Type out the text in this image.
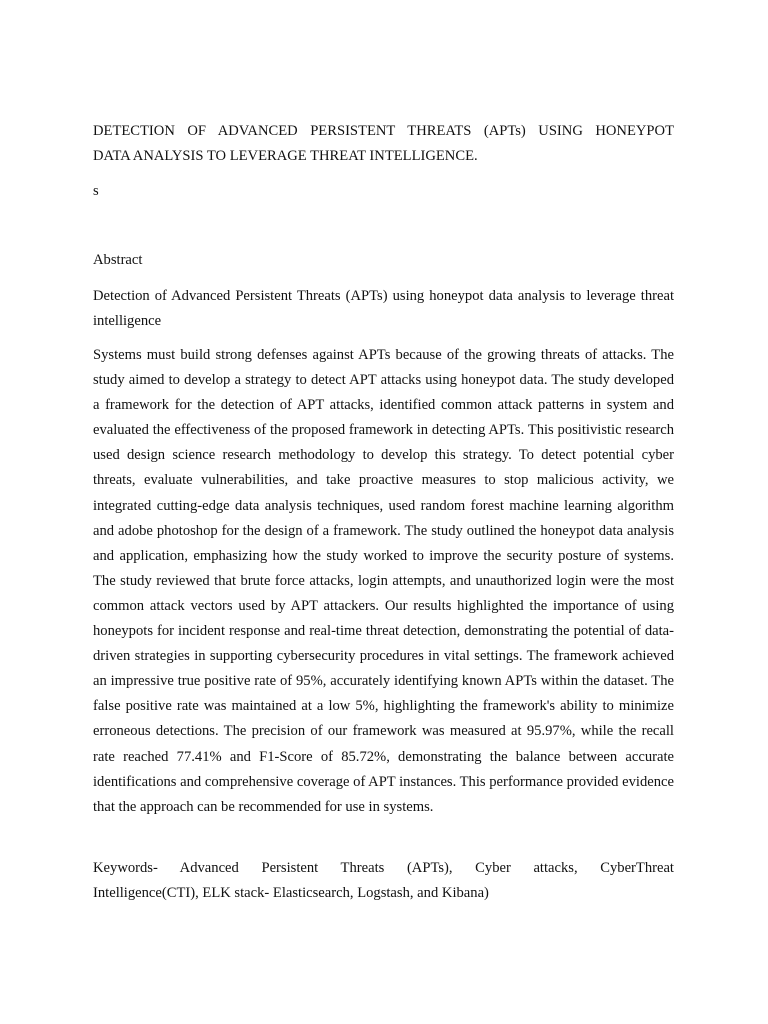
DETECTION OF ADVANCED PERSISTENT THREATS (APTs) USING HONEYPOT
DATA ANALYSIS TO LEVERAGE THREAT INTELLIGENCE.
s
Abstract
Detection of Advanced Persistent Threats (APTs) using honeypot data analysis to leverage threat intelligence
Systems must build strong defenses against APTs because of the growing threats of attacks. The study aimed to develop a strategy to detect APT attacks using honeypot data. The study developed a framework for the detection of APT attacks, identified common attack patterns in system and evaluated the effectiveness of the proposed framework in detecting APTs. This positivistic research used design science research methodology to develop this strategy. To detect potential cyber threats, evaluate vulnerabilities, and take proactive measures to stop malicious activity, we integrated cutting-edge data analysis techniques, used random forest machine learning algorithm and adobe photoshop for the design of a framework. The study outlined the honeypot data analysis and application, emphasizing how the study worked to improve the security posture of systems. The study reviewed that brute force attacks, login attempts, and unauthorized login were the most common attack vectors used by APT attackers. Our results highlighted the importance of using honeypots for incident response and real-time threat detection, demonstrating the potential of data-driven strategies in supporting cybersecurity procedures in vital settings. The framework achieved an impressive true positive rate of 95%, accurately identifying known APTs within the dataset. The false positive rate was maintained at a low 5%, highlighting the framework's ability to minimize erroneous detections. The precision of our framework was measured at 95.97%, while the recall rate reached 77.41% and F1-Score of 85.72%, demonstrating the balance between accurate identifications and comprehensive coverage of APT instances. This performance provided evidence that the approach can be recommended for use in systems.
Keywords- Advanced Persistent Threats (APTs), Cyber attacks, CyberThreat
Intelligence(CTI), ELK stack- Elasticsearch, Logstash, and Kibana)
